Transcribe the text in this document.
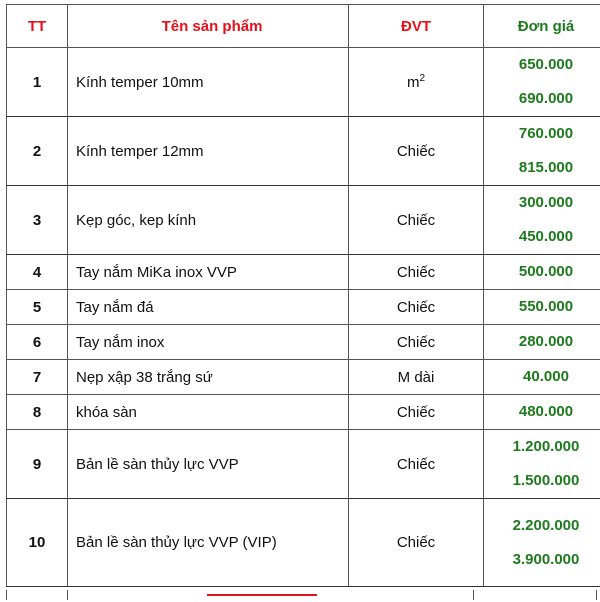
TT	Tên sản phẩm	ĐVT	Đơn giá
1	Kính temper 10mm	$m^2$	650.000
690.000

2	Kính temper 12mm	Chiếc	760.000
815.000

3	Kẹp góc, kep kính	Chiếc	300.000
450.000

4	Tay nắm MiKa inox VVP	Chiếc	500.000

5	Tay nắm đá	Chiếc	550.000

6	Tay nắm inox	Chiếc	280.000

7	Nẹp xập 38 trắng sứ	M dài	40.000

8	khóa sàn	Chiếc	480.000

9	Bản lề sàn thủy lực VVP	Chiếc	1.200.000
1.500.000

10	Bản lề sàn thủy lực VVP (VIP)	Chiếc	2.200.000
3.900.000
